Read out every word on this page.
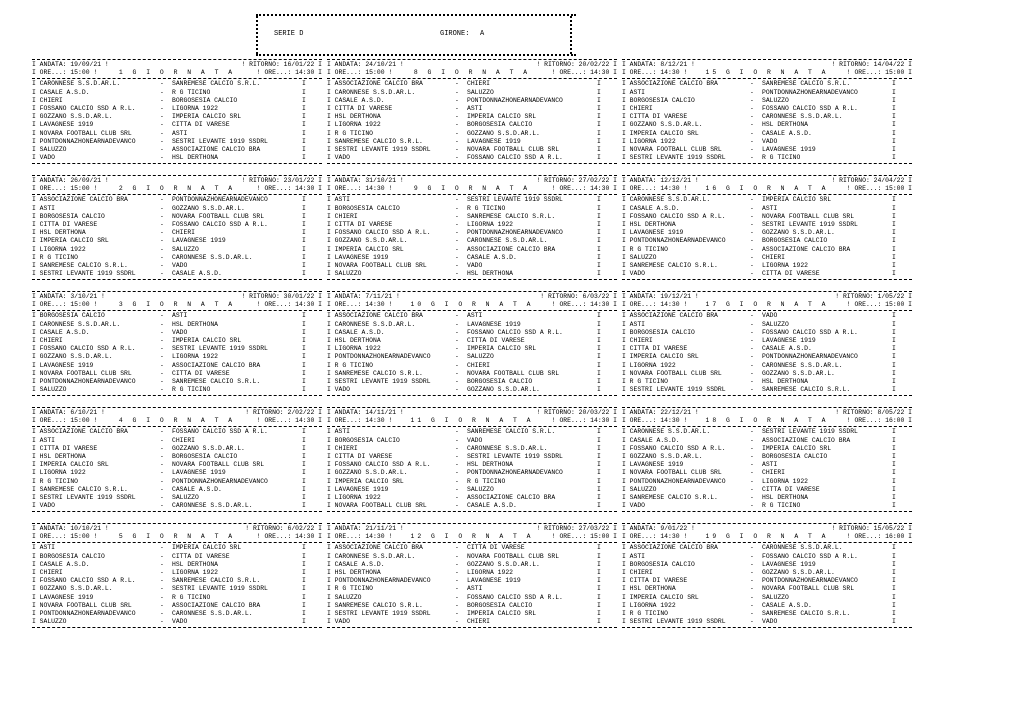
SERIE D	GIRONE: A
I ANDATA: 19/09/21 !	! RITORNO: 16/01/22 I
I ORE...: 15:00 !	1 G I O R N A T A	! ORE...: 14:30 I
I CARONNESE S.S.D.AR.L.	-	SANREMESE CALCIO S.R.L.	I
I CASALE A.S.D.	-	R G TICINO	I
I CHIERI	-	BORGOSESIA CALCIO	I
I FOSSANO CALCIO SSD A R.L.	-	LIGORNA 1922	I
I GOZZANO S.S.D.AR.L.	-	IMPERIA CALCIO SRL	I
I LAVAGNESE 1919	-	CITTA DI VARESE	I
I NOVARA FOOTBALL CLUB SRL	-	ASTI	I
I PONTDONNAZHONEARNADEVANCO	-	SESTRI LEVANTE 1919 SSDRL	I
I SALUZZO	-	ASSOCIAZIONE CALCIO BRA	I
I VADO	-	HSL DERTHONA	I
I ANDATA: 24/10/21 !	! RITORNO: 20/02/22 I
I ORE...: 15:00 !	8 G I O R N A T A	! ORE...: 14:30 I
I ASSOCIAZIONE CALCIO BRA	-	CHIERI	I
I CARONNESE S.S.D.AR.L.	-	SALUZZO	I
I CASALE A.S.D.	-	PONTDONNAZHONEARNADEVANCO	I
I CITTA DI VARESE	-	ASTI	I
I HSL DERTHONA	-	IMPERIA CALCIO SRL	I
I LIGORNA 1922	-	BORGOSESIA CALCIO	I
I R G TICINO	-	GOZZANO S.S.D.AR.L.	I
I SANREMESE CALCIO S.R.L.	-	LAVAGNESE 1919	I
I SESTRI LEVANTE 1919 SSDRL	-	NOVARA FOOTBALL CLUB SRL	I
I VADO	-	FOSSANO CALCIO SSD A R.L.	I
I ANDATA: 8/12/21 !	! RITORNO: 14/04/22 I
I ORE...: 14:30 !	15 G I O R N A T A	! ORE...: 15:00 I
I ASSOCIAZIONE CALCIO BRA	-	SANREMESE CALCIO S.R.L.	I
I ASTI	-	PONTDONNAZHONEARNADEVANCO	I
I BORGOSESIA CALCIO	-	SALUZZO	I
I CHIERI	-	FOSSANO CALCIO SSD A R.L.	I
I CITTA DI VARESE	-	CARONNESE S.S.D.AR.L.	I
I GOZZANO S.S.D.AR.L.	-	HSL DERTHONA	I
I IMPERIA CALCIO SRL	-	CASALE A.S.D.	I
I LIGORNA 1922	-	VADO	I
I NOVARA FOOTBALL CLUB SRL	-	LAVAGNESE 1919	I
I SESTRI LEVANTE 1919 SSDRL	-	R G TICINO	I
I ANDATA: 26/09/21 !	! RITORNO: 23/01/22 I
I ORE...: 15:00 !	2 G I O R N A T A	! ORE...: 14:30 I
I ASSOCIAZIONE CALCIO BRA	-	PONTDONNAZHONEARNADEVANCO	I
I ASTI	-	GOZZANO S.S.D.AR.L.	I
I BORGOSESIA CALCIO	-	NOVARA FOOTBALL CLUB SRL	I
I CITTA DI VARESE	-	FOSSANO CALCIO SSD A R.L.	I
I HSL DERTHONA	-	CHIERI	I
I IMPERIA CALCIO SRL	-	LAVAGNESE 1919	I
I LIGORNA 1922	-	SALUZZO	I
I R G TICINO	-	CARONNESE S.S.D.AR.L.	I
I SANREMESE CALCIO S.R.L.	-	VADO	I
I SESTRI LEVANTE 1919 SSDRL	-	CASALE A.S.D.	I
I ANDATA: 31/10/21 !	! RITORNO: 27/02/22 I
I ORE...: 14:30 !	9 G I O R N A T A	! ORE...: 14:30 I
I ASTI	-	SESTRI LEVANTE 1919 SSDRL	I
I BORGOSESIA CALCIO	-	R G TICINO	I
I CHIERI	-	SANREMESE CALCIO S.R.L.	I
I CITTA DI VARESE	-	LIGORNA 1922	I
I FOSSANO CALCIO SSD A R.L.	-	PONTDONNAZHONEARNADEVANCO	I
I GOZZANO S.S.D.AR.L.	-	CARONNESE S.S.D.AR.L.	I
I IMPERIA CALCIO SRL	-	ASSOCIAZIONE CALCIO BRA	I
I LAVAGNESE 1919	-	CASALE A.S.D.	I
I NOVARA FOOTBALL CLUB SRL	-	VADO	I
I SALUZZO	-	HSL DERTHONA	I
I ANDATA: 12/12/21 !	! RITORNO: 24/04/22 I
I ORE...: 14:30 !	16 G I O R N A T A	! ORE...: 15:00 I
I CARONNESE S.S.D.AR.L.	-	IMPERIA CALCIO SRL	I
I CASALE A.S.D.	-	ASTI	I
I FOSSANO CALCIO SSD A R.L.	-	NOVARA FOOTBALL CLUB SRL	I
I HSL DERTHONA	-	SESTRI LEVANTE 1919 SSDRL	I
I LAVAGNESE 1919	-	GOZZANO S.S.D.AR.L.	I
I PONTDONNAZHONEARNADEVANCO	-	BORGOSESIA CALCIO	I
I R G TICINO	-	ASSOCIAZIONE CALCIO BRA	I
I SALUZZO	-	CHIERI	I
I SANREMESE CALCIO S.R.L.	-	LIGORNA 1922	I
I VADO	-	CITTA DI VARESE	I
I ANDATA: 3/10/21 !	! RITORNO: 30/01/22 I
I ORE...: 15:00 !	3 G I O R N A T A	! ORE...: 14:30 I
I BORGOSESIA CALCIO	-	ASTI	I
I CARONNESE S.S.D.AR.L.	-	HSL DERTHONA	I
I CASALE A.S.D.	-	VADO	I
I CHIERI	-	IMPERIA CALCIO SRL	I
I FOSSANO CALCIO SSD A R.L.	-	SESTRI LEVANTE 1919 SSDRL	I
I GOZZANO S.S.D.AR.L.	-	LIGORNA 1922	I
I LAVAGNESE 1919	-	ASSOCIAZIONE CALCIO BRA	I
I NOVARA FOOTBALL CLUB SRL	-	CITTA DI VARESE	I
I PONTDONNAZHONEARNADEVANCO	-	SANREMESE CALCIO S.R.L.	I
I SALUZZO	-	R G TICINO	I
I ANDATA: 7/11/21 !	! RITORNO: 6/03/22 I
I ORE...: 14:30 !	10 G I O R N A T A	! ORE...: 14:30 I
I ASSOCIAZIONE CALCIO BRA	-	ASTI	I
I CARONNESE S.S.D.AR.L.	-	LAVAGNESE 1919	I
I CASALE A.S.D.	-	FOSSANO CALCIO SSD A R.L.	I
I HSL DERTHONA	-	CITTA DI VARESE	I
I LIGORNA 1922	-	IMPERIA CALCIO SRL	I
I PONTDONNAZHONEARNADEVANCO	-	SALUZZO	I
I R G TICINO	-	CHIERI	I
I SANREMESE CALCIO S.R.L.	-	NOVARA FOOTBALL CLUB SRL	I
I SESTRI LEVANTE 1919 SSDRL	-	BORGOSESIA CALCIO	I
I VADO	-	GOZZANO S.S.D.AR.L.	I
I ANDATA: 19/12/21 !	! RITORNO: 1/05/22 I
I ORE...: 14:30 !	17 G I O R N A T A	! ORE...: 15:00 I
I ASSOCIAZIONE CALCIO BRA	-	VADO	I
I ASTI	-	SALUZZO	I
I BORGOSESIA CALCIO	-	FOSSANO CALCIO SSD A R.L.	I
I CHIERI	-	LAVAGNESE 1919	I
I CITTA DI VARESE	-	CASALE A.S.D.	I
I IMPERIA CALCIO SRL	-	PONTDONNAZHONEARNADEVANCO	I
I LIGORNA 1922	-	CARONNESE S.S.D.AR.L.	I
I NOVARA FOOTBALL CLUB SRL	-	GOZZANO S.S.D.AR.L.	I
I R G TICINO	-	HSL DERTHONA	I
I SESTRI LEVANTE 1919 SSDRL	-	SANREMESE CALCIO S.R.L.	I
I ANDATA: 6/10/21 !	! RITORNO: 2/02/22 I
I ORE...: 15:00 !	4 G I O R N A T A	! ORE...: 14:30 I
I ASSOCIAZIONE CALCIO BRA	-	FOSSANO CALCIO SSD A R.L.	I
I ASTI	-	CHIERI	I
I CITTA DI VARESE	-	GOZZANO S.S.D.AR.L.	I
I HSL DERTHONA	-	BORGOSESIA CALCIO	I
I IMPERIA CALCIO SRL	-	NOVARA FOOTBALL CLUB SRL	I
I LIGORNA 1922	-	LAVAGNESE 1919	I
I R G TICINO	-	PONTDONNAZHONEARNADEVANCO	I
I SANREMESE CALCIO S.R.L.	-	CASALE A.S.D.	I
I SESTRI LEVANTE 1919 SSDRL	-	SALUZZO	I
I VADO	-	CARONNESE S.S.D.AR.L.	I
I ANDATA: 14/11/21 !	! RITORNO: 20/03/22 I
I ORE...: 14:30 !	11 G I O R N A T A	! ORE...: 14:30 I
I ASTI	-	SANREMESE CALCIO S.R.L.	I
I BORGOSESIA CALCIO	-	VADO	I
I CHIERI	-	CARONNESE S.S.D.AR.L.	I
I CITTA DI VARESE	-	SESTRI LEVANTE 1919 SSDRL	I
I FOSSANO CALCIO SSD A R.L.	-	HSL DERTHONA	I
I GOZZANO S.S.D.AR.L.	-	PONTDONNAZHONEARNADEVANCO	I
I IMPERIA CALCIO SRL	-	R G TICINO	I
I LAVAGNESE 1919	-	SALUZZO	I
I LIGORNA 1922	-	ASSOCIAZIONE CALCIO BRA	I
I NOVARA FOOTBALL CLUB SRL	-	CASALE A.S.D.	I
I ANDATA: 22/12/21 !	! RITORNO: 8/05/22 I
I ORE...: 14:30 !	18 G I O R N A T A	! ORE...: 16:00 I
I CARONNESE S.S.D.AR.L.	-	SESTRI LEVANTE 1919 SSDRL	I
I CASALE A.S.D.	-	ASSOCIAZIONE CALCIO BRA	I
I FOSSANO CALCIO SSD A R.L.	-	IMPERIA CALCIO SRL	I
I GOZZANO S.S.D.AR.L.	-	BORGOSESIA CALCIO	I
I LAVAGNESE 1919	-	ASTI	I
I NOVARA FOOTBALL CLUB SRL	-	CHIERI	I
I PONTDONNAZHONEARNADEVANCO	-	LIGORNA 1922	I
I SALUZZO	-	CITTA DI VARESE	I
I SANREMESE CALCIO S.R.L.	-	HSL DERTHONA	I
I VADO	-	R G TICINO	I
I ANDATA: 10/10/21 !	! RITORNO: 6/02/22 I
I ORE...: 15:00 !	5 G I O R N A T A	! ORE...: 14:30 I
I ASTI	-	IMPERIA CALCIO SRL	I
I BORGOSESIA CALCIO	-	CITTA DI VARESE	I
I CASALE A.S.D.	-	HSL DERTHONA	I
I CHIERI	-	LIGORNA 1922	I
I FOSSANO CALCIO SSD A R.L.	-	SANREMESE CALCIO S.R.L.	I
I GOZZANO S.S.D.AR.L.	-	SESTRI LEVANTE 1919 SSDRL	I
I LAVAGNESE 1919	-	R G TICINO	I
I NOVARA FOOTBALL CLUB SRL	-	ASSOCIAZIONE CALCIO BRA	I
I PONTDONNAZHONEARNADEVANCO	-	CARONNESE S.S.D.AR.L.	I
I SALUZZO	-	VADO	I
I ANDATA: 21/11/21 !	! RITORNO: 27/03/22 I
I ORE...: 14:30 !	12 G I O R N A T A	! ORE...: 15:00 I
I ASSOCIAZIONE CALCIO BRA	-	CITTA DI VARESE	I
I CARONNESE S.S.D.AR.L.	-	NOVARA FOOTBALL CLUB SRL	I
I CASALE A.S.D.	-	GOZZANO S.S.D.AR.L.	I
I HSL DERTHONA	-	LIGORNA 1922	I
I PONTDONNAZHONEARNADEVANCO	-	LAVAGNESE 1919	I
I R G TICINO	-	ASTI	I
I SALUZZO	-	FOSSANO CALCIO SSD A R.L.	I
I SANREMESE CALCIO S.R.L.	-	BORGOSESIA CALCIO	I
I SESTRI LEVANTE 1919 SSDRL	-	IMPERIA CALCIO SRL	I
I VADO	-	CHIERI	I
I ANDATA: 9/01/22 !	! RITORNO: 15/05/22 I
I ORE...: 14:30 !	19 G I O R N A T A	! ORE...: 16:00 I
I ASSOCIAZIONE CALCIO BRA	-	CARONNESE S.S.D.AR.L.	I
I ASTI	-	FOSSANO CALCIO SSD A R.L.	I
I BORGOSESIA CALCIO	-	LAVAGNESE 1919	I
I CHIERI	-	GOZZANO S.S.D.AR.L.	I
I CITTA DI VARESE	-	PONTDONNAZHONEARNADEVANCO	I
I HSL DERTHONA	-	NOVARA FOOTBALL CLUB SRL	I
I IMPERIA CALCIO SRL	-	SALUZZO	I
I LIGORNA 1922	-	CASALE A.S.D.	I
I R G TICINO	-	SANREMESE CALCIO S.R.L.	I
I SESTRI LEVANTE 1919 SSDRL	-	VADO	I
